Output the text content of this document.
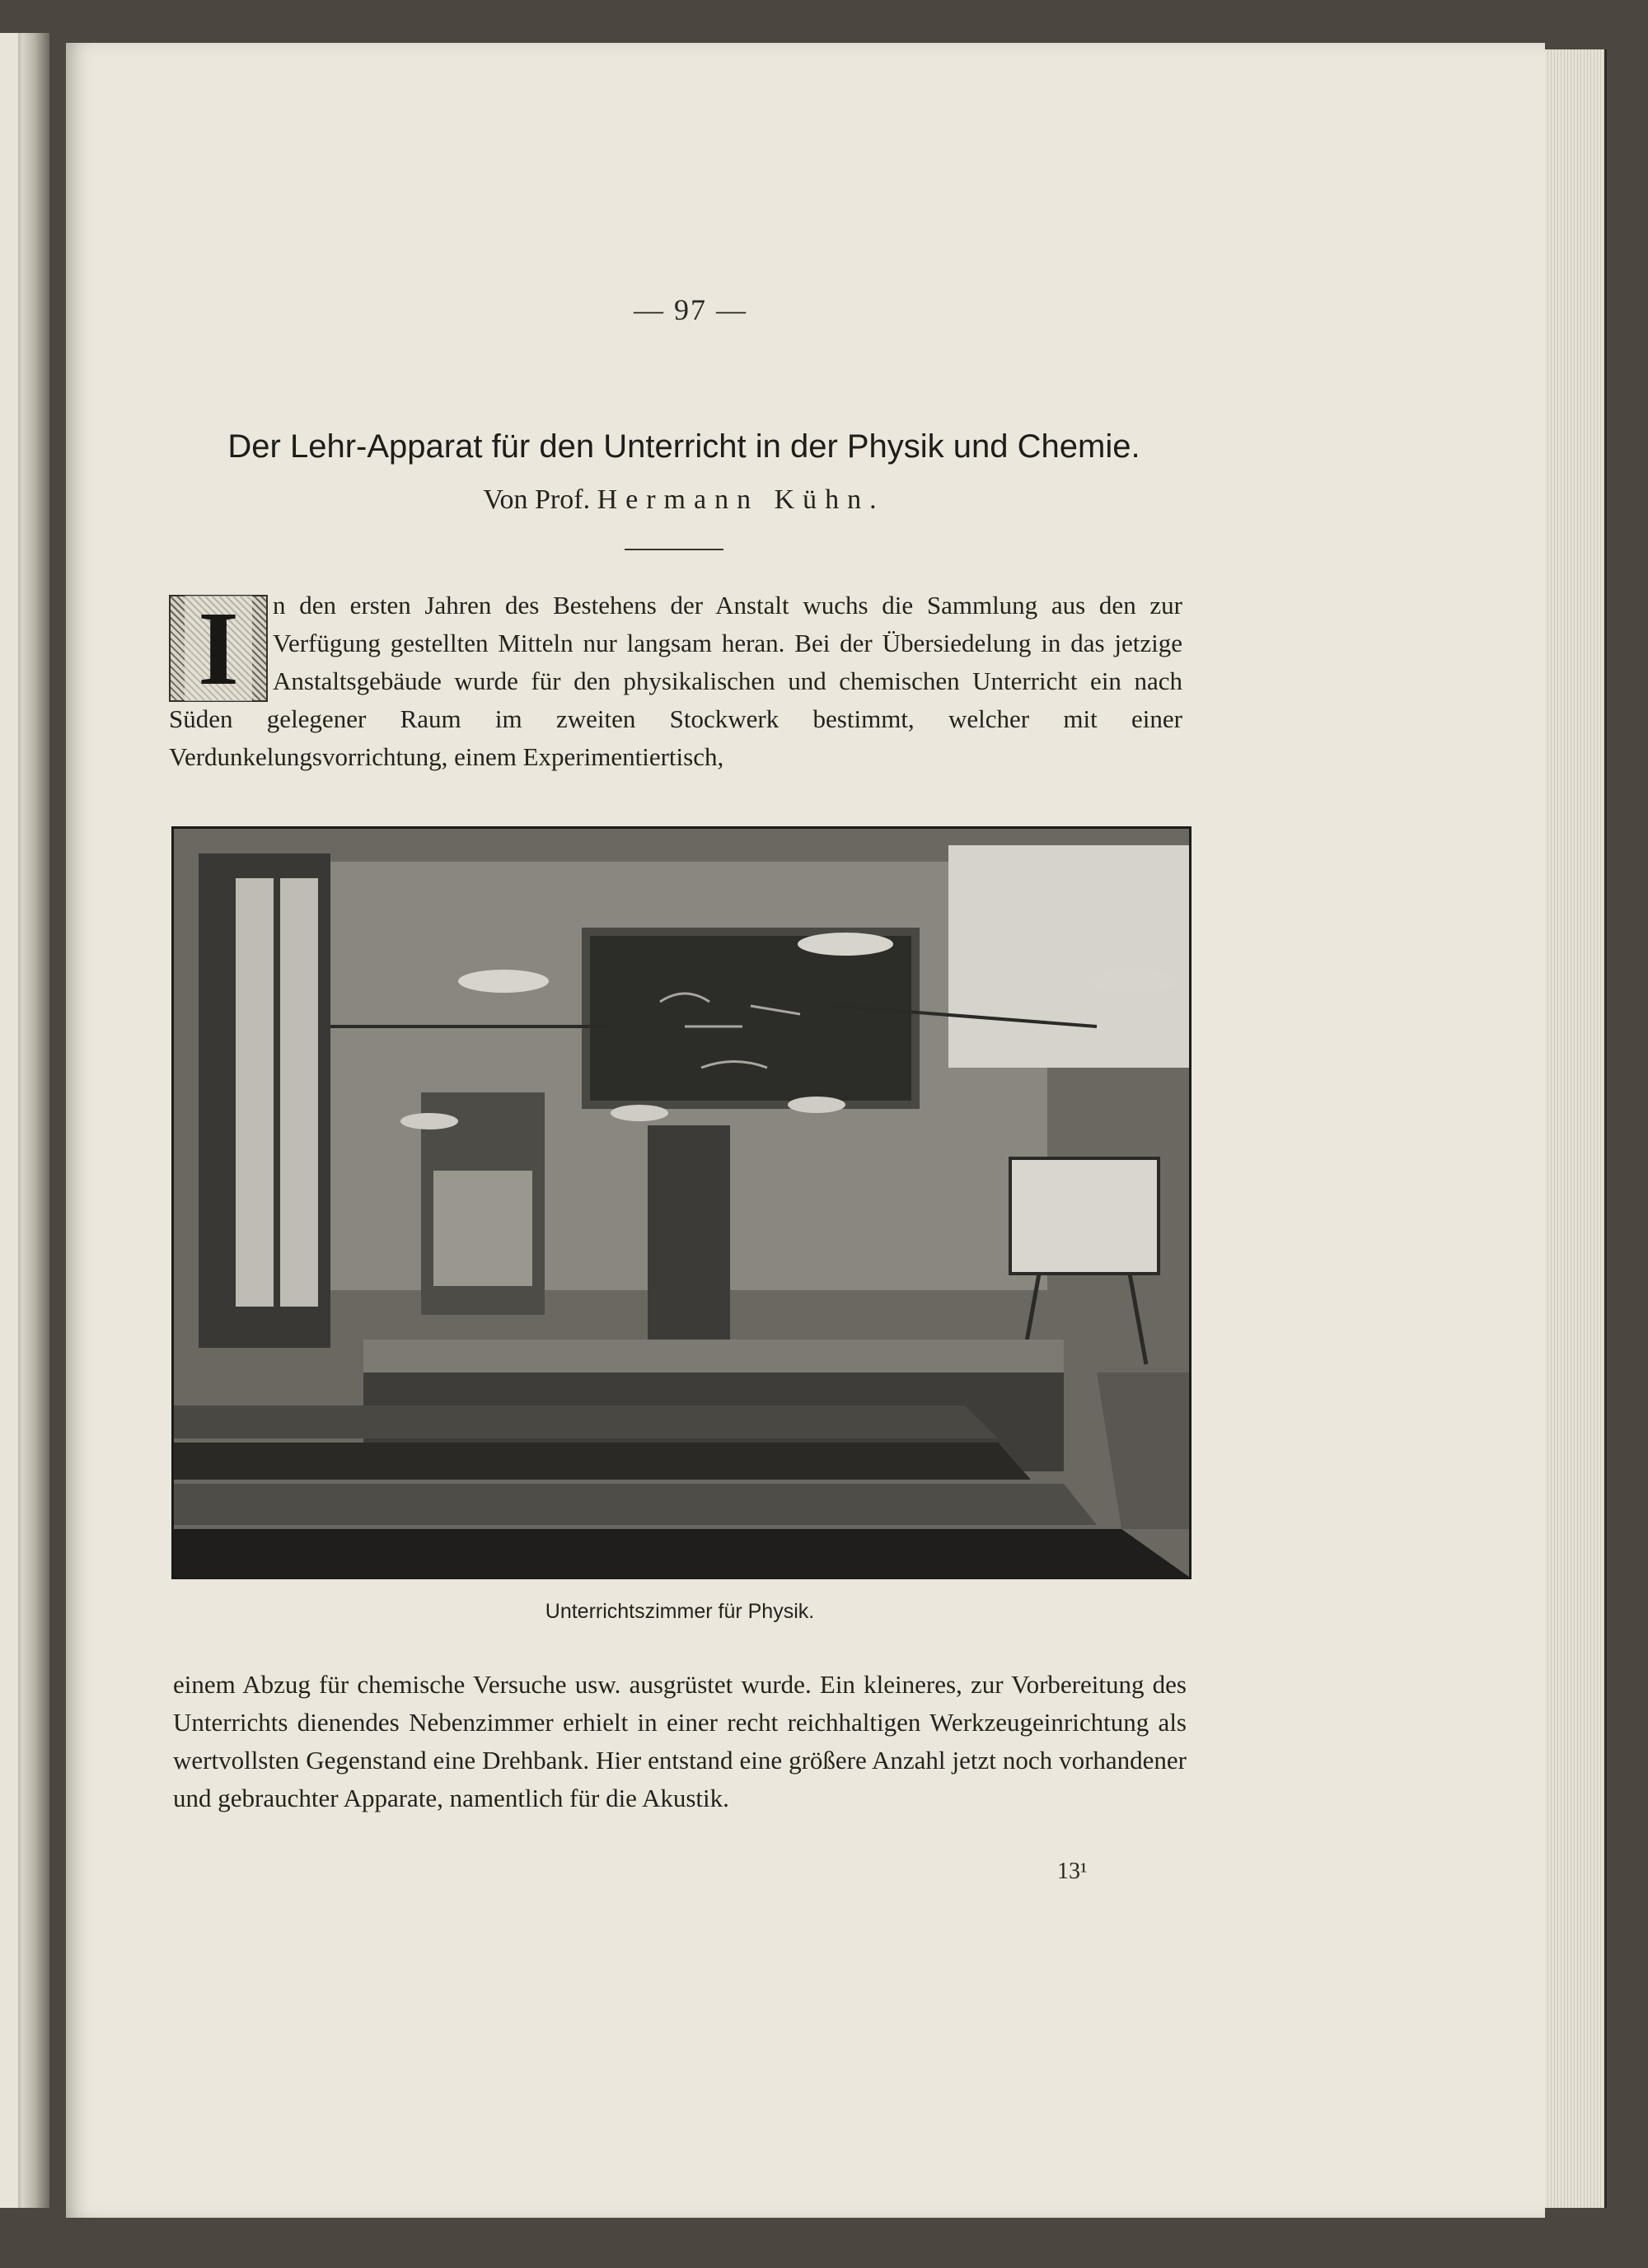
— 97 —
Der Lehr-Apparat für den Unterricht in der Physik und Chemie.
Von Prof. Hermann Kühn.
n den ersten Jahren des Bestehens der Anstalt wuchs die Sammlung aus den zur Verfügung gestellten Mitteln nur langsam heran. Bei der Übersiedelung in das jetzige Anstaltsgebäude wurde für den physikalischen und chemischen Unterricht ein nach Süden gelegener Raum im zweiten Stockwerk bestimmt, welcher mit einer Verdunkelungsvorrichtung, einem Experimentiertisch,
I
Unterrichtszimmer für Physik.
einem Abzug für chemische Versuche usw. ausgrüstet wurde. Ein kleineres, zur Vorbereitung des Unterrichts dienendes Nebenzimmer erhielt in einer recht reichhaltigen Werkzeugeinrichtung als wertvollsten Gegenstand eine Drehbank. Hier entstand eine größere Anzahl jetzt noch vorhandener und gebrauchter Apparate, namentlich für die Akustik.
13¹
